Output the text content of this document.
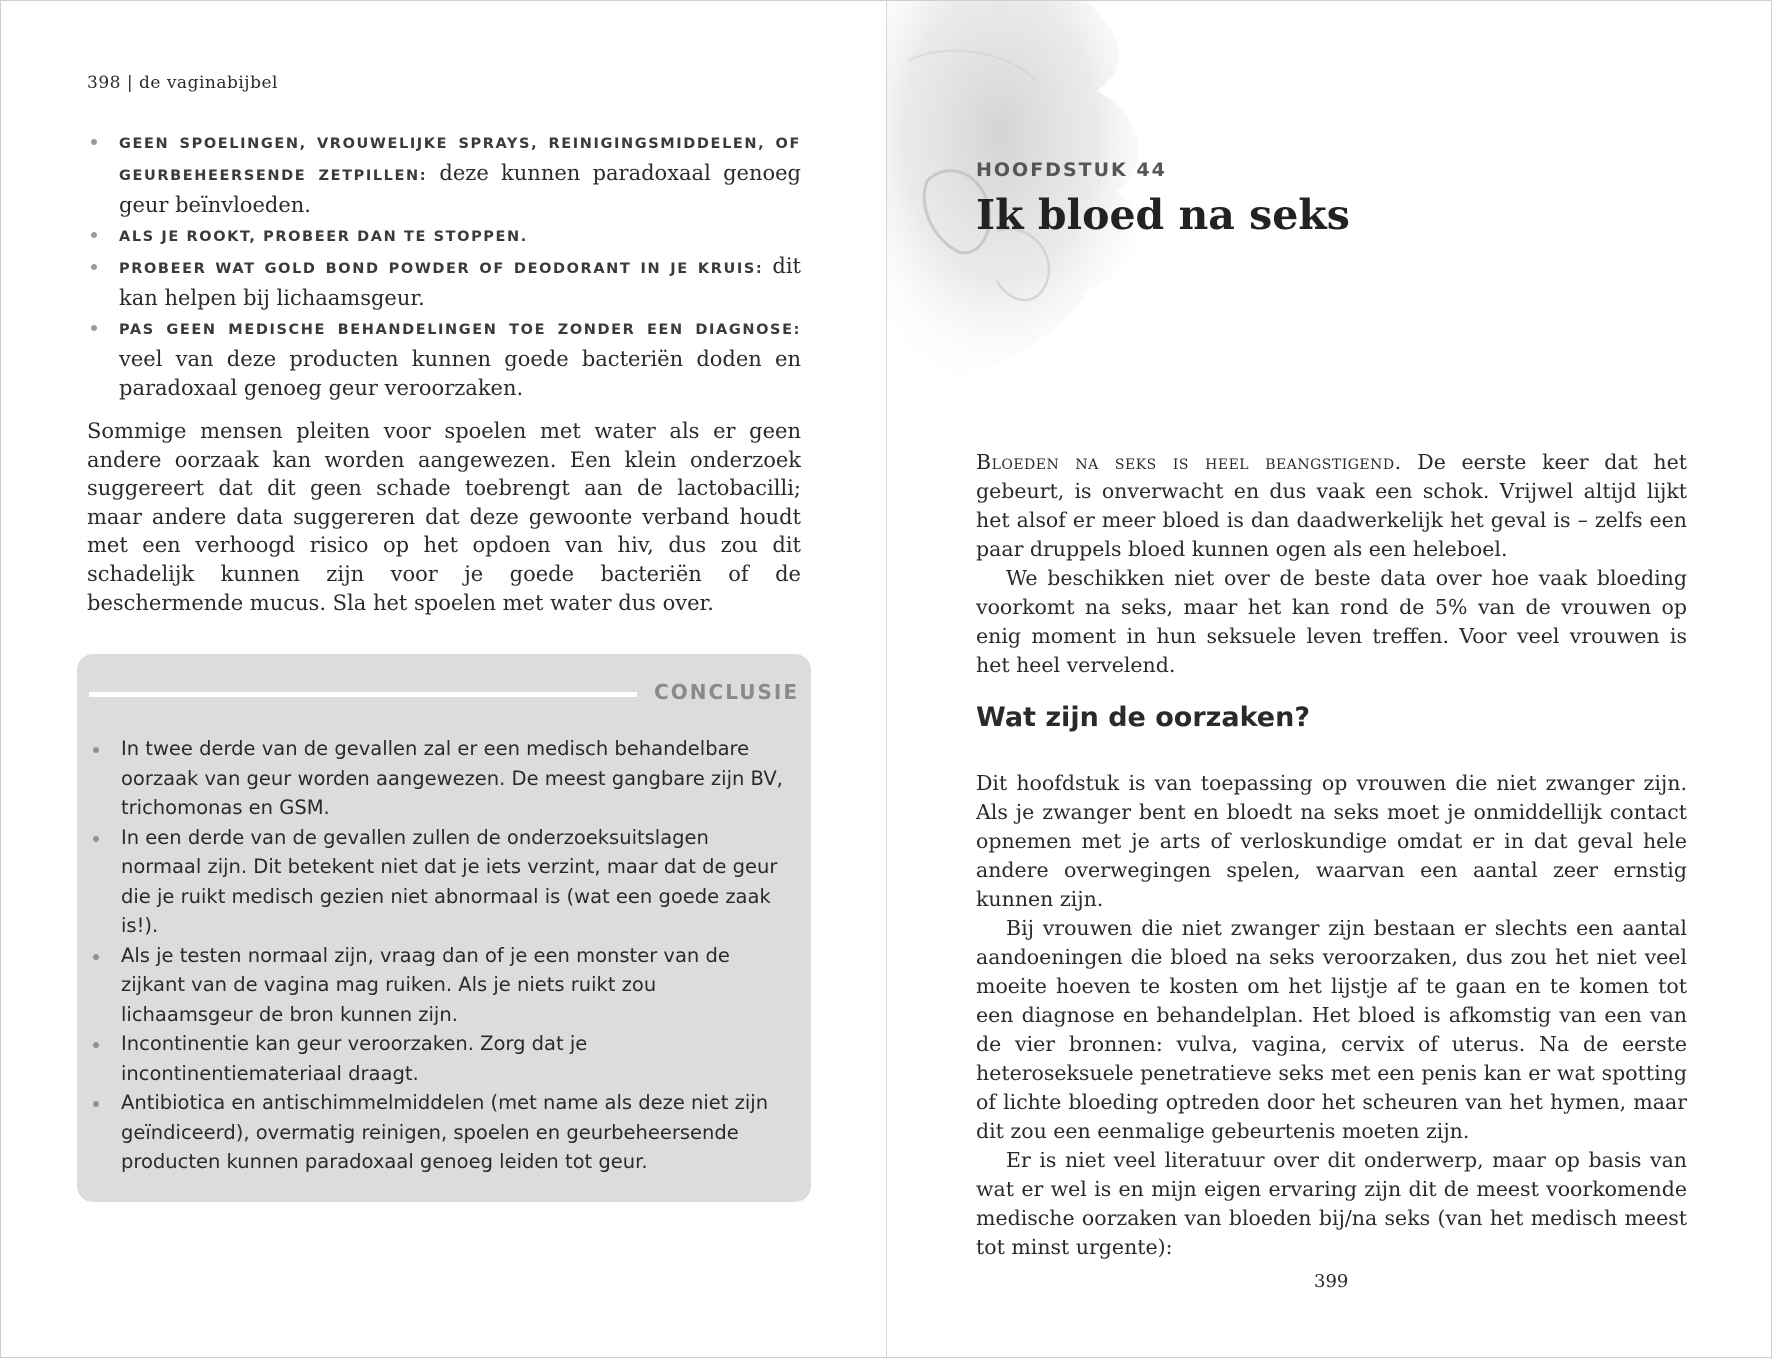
398 | de vaginabijbel
GEEN SPOELINGEN, VROUWELIJKE SPRAYS, REINIGINGSMIDDELEN, OF GEURBEHEERSENDE ZETPILLEN: deze kunnen paradoxaal genoeg geur beïnvloeden.
ALS JE ROOKT, PROBEER DAN TE STOPPEN.
PROBEER WAT GOLD BOND POWDER OF DEODORANT IN JE KRUIS: dit kan helpen bij lichaamsgeur.
PAS GEEN MEDISCHE BEHANDELINGEN TOE ZONDER EEN DIAGNOSE: veel van deze producten kunnen goede bacteriën doden en paradoxaal genoeg geur veroorzaken.

Sommige mensen pleiten voor spoelen met water als er geen andere oorzaak kan worden aangewezen. Een klein onderzoek suggereert dat dit geen schade toebrengt aan de lactobacilli; maar andere data suggereren dat deze gewoonte verband houdt met een verhoogd risico op het opdoen van hiv, dus zou dit schadelijk kunnen zijn voor je goede bacteriën of de beschermende mucus. Sla het spoelen met water dus over.

CONCLUSIE
In twee derde van de gevallen zal er een medisch behandelbare oorzaak van geur worden aangewezen. De meest gangbare zijn BV, trichomonas en GSM.
In een derde van de gevallen zullen de onderzoeksuitslagen normaal zijn. Dit betekent niet dat je iets verzint, maar dat de geur die je ruikt medisch gezien niet abnormaal is (wat een goede zaak is!).
Als je testen normaal zijn, vraag dan of je een monster van de zijkant van de vagina mag ruiken. Als je niets ruikt zou lichaamsgeur de bron kunnen zijn.
Incontinentie kan geur veroorzaken. Zorg dat je incontinentiemateriaal draagt.
Antibiotica en antischimmelmiddelen (met name als deze niet zijn geïndiceerd), overmatig reinigen, spoelen en geurbeheersende producten kunnen paradoxaal genoeg leiden tot geur.
HOOFDSTUK 44
Ik bloed na seks

Bloeden na seks is heel beangstigend. De eerste keer dat het gebeurt, is onverwacht en dus vaak een schok. Vrijwel altijd lijkt het alsof er meer bloed is dan daadwerkelijk het geval is – zelfs een paar druppels bloed kunnen ogen als een heleboel.

We beschikken niet over de beste data over hoe vaak bloeding voorkomt na seks, maar het kan rond de 5% van de vrouwen op enig moment in hun seksuele leven treffen. Voor veel vrouwen is het heel vervelend.

Wat zijn de oorzaken?

Dit hoofdstuk is van toepassing op vrouwen die niet zwanger zijn. Als je zwanger bent en bloedt na seks moet je onmiddellijk contact opnemen met je arts of verloskundige omdat er in dat geval hele andere overwegingen spelen, waarvan een aantal zeer ernstig kunnen zijn.

Bij vrouwen die niet zwanger zijn bestaan er slechts een aantal aandoeningen die bloed na seks veroorzaken, dus zou het niet veel moeite hoeven te kosten om het lijstje af te gaan en te komen tot een diagnose en behandelplan. Het bloed is afkomstig van een van de vier bronnen: vulva, vagina, cervix of uterus. Na de eerste heteroseksuele penetratieve seks met een penis kan er wat spotting of lichte bloeding optreden door het scheuren van het hymen, maar dit zou een eenmalige gebeurtenis moeten zijn.

Er is niet veel literatuur over dit onderwerp, maar op basis van wat er wel is en mijn eigen ervaring zijn dit de meest voorkomende medische oorzaken van bloeden bij/na seks (van het medisch meest tot minst urgente):

399
